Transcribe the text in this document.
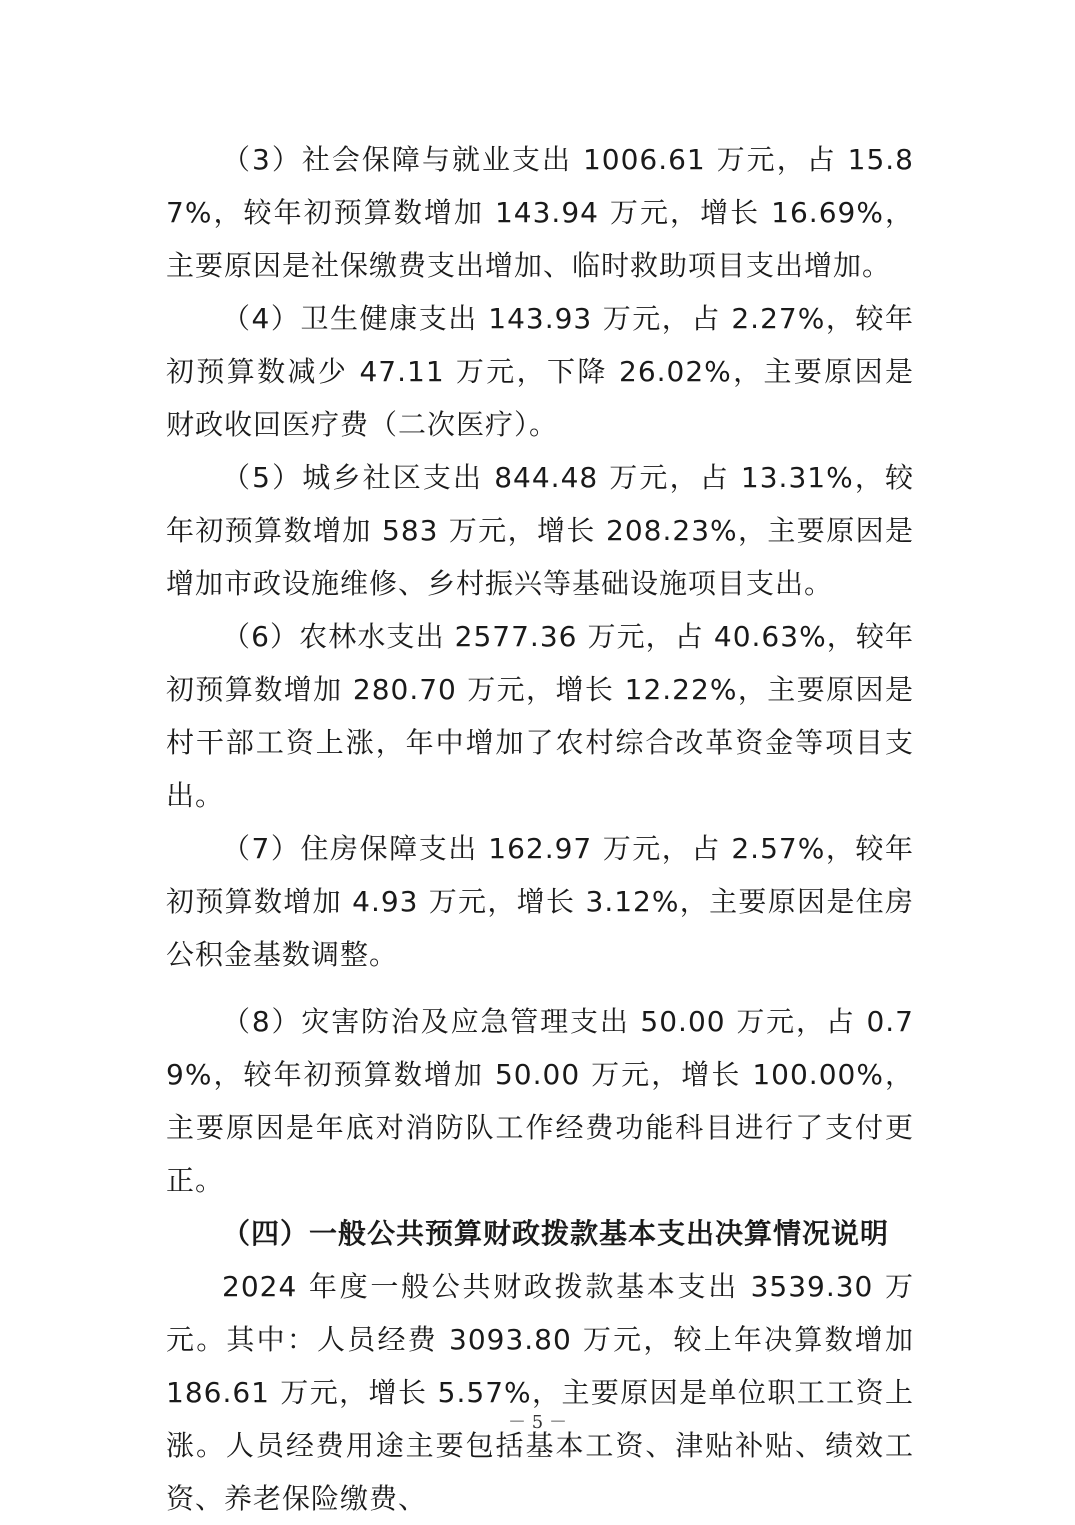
（3）社会保障与就业支出 1006.61 万元，占 15.87%，较年初预算数增加 143.94 万元，增长 16.69%，主要原因是社保缴费支出增加、临时救助项目支出增加。

（4）卫生健康支出 143.93 万元，占 2.27%，较年初预算数减少 47.11 万元，下降 26.02%，主要原因是财政收回医疗费（二次医疗）。

（5）城乡社区支出 844.48 万元，占 13.31%，较年初预算数增加 583 万元，增长 208.23%，主要原因是增加市政设施维修、乡村振兴等基础设施项目支出。

（6）农林水支出 2577.36 万元，占 40.63%，较年初预算数增加 280.70 万元，增长 12.22%，主要原因是村干部工资上涨，年中增加了农村综合改革资金等项目支出。

（7）住房保障支出 162.97 万元，占 2.57%，较年初预算数增加 4.93 万元，增长 3.12%，主要原因是住房公积金基数调整。

（8）灾害防治及应急管理支出 50.00 万元，占 0.79%，较年初预算数增加 50.00 万元，增长 100.00%，主要原因是年底对消防队工作经费功能科目进行了支付更正。

（四）一般公共预算财政拨款基本支出决算情况说明

2024 年度一般公共财政拨款基本支出 3539.30 万元。其中：人员经费 3093.80 万元，较上年决算数增加 186.61 万元，增长 5.57%，主要原因是单位职工工资上涨。人员经费用途主要包括基本工资、津贴补贴、绩效工资、养老保险缴费、

－ 5 －
